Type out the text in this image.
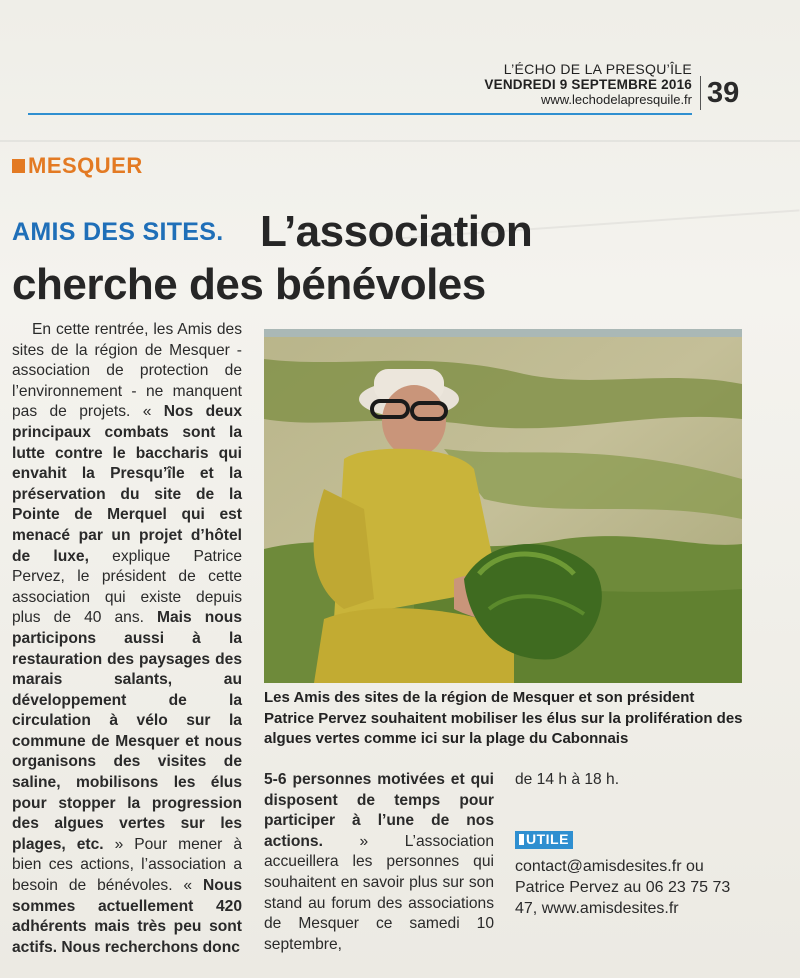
L’ÉCHO DE LA PRESQU’ÎLE
VENDREDI 9 SEPTEMBRE 2016
www.lechodelapresquile.fr 39
MESQUER
L’association
cherche des bénévoles
AMIS DES SITES.

En cette rentrée, les Amis des sites de la région de Mesquer - association de protection de l’environnement - ne manquent pas de projets. « Nos deux principaux combats sont la lutte contre le baccharis qui envahit la Presqu’île et la préservation du site de la Pointe de Merquel qui est menacé par un projet d’hôtel de luxe, explique Patrice Pervez, le président de cette association qui existe depuis plus de 40 ans. Mais nous participons aussi à la restauration des paysages des marais salants, au développement de la circulation à vélo sur la commune de Mesquer et nous organisons des visites de saline, mobilisons les élus pour stopper la progression des algues vertes sur les plages, etc. » Pour mener à bien ces actions, l’association a besoin de bénévoles. « Nous sommes actuellement 420 adhérents mais très peu sont actifs. Nous recherchons donc

Les Amis des sites de la région de Mesquer et son président Patrice Pervez souhaitent mobiliser les élus sur la prolifération des algues vertes comme ici sur la plage du Cabonnais

5-6 personnes motivées et qui disposent de temps pour participer à l’une de nos actions. » L’association accueillera les personnes qui souhaitent en savoir plus sur son stand au forum des associations de Mesquer ce samedi 10 septembre,

de 14 h à 18 h.

UTILE

contact@amisdesites.fr ou Patrice Pervez au 06 23 75 73 47, www.amisdesites.fr
